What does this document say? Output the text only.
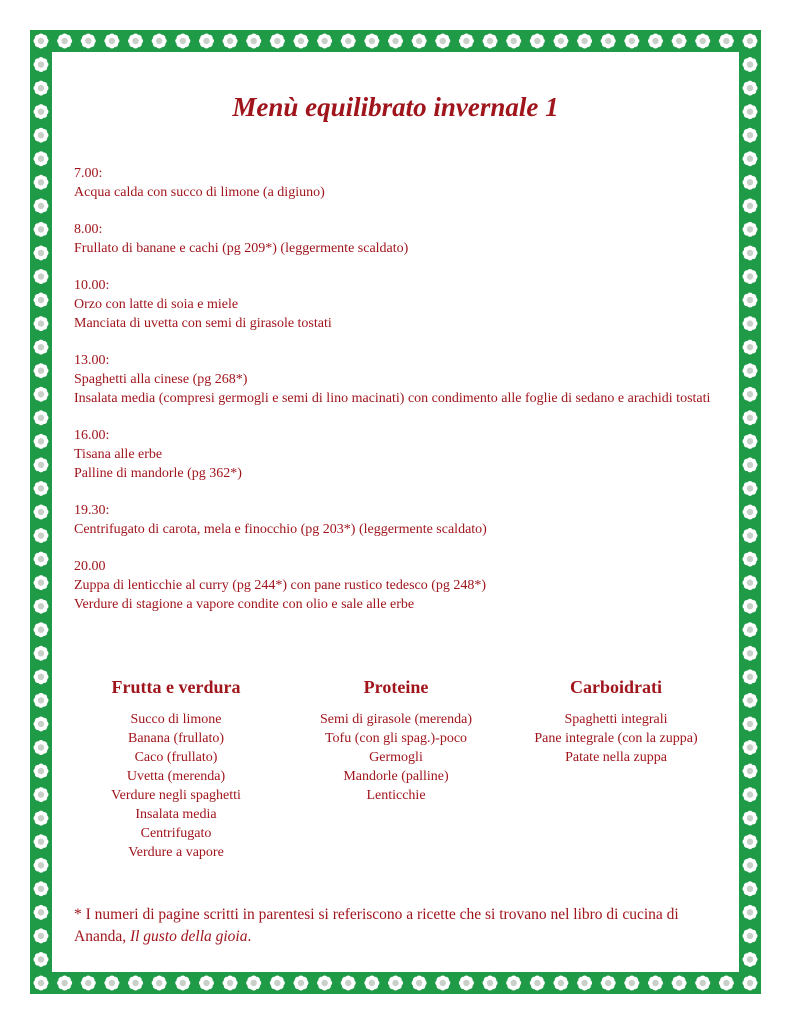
Menù equilibrato invernale 1
7.00:
Acqua calda con succo di limone (a digiuno)
8.00:
Frullato di banane e cachi (pg 209*) (leggermente scaldato)
10.00:
Orzo con latte di soia e miele
Manciata di uvetta con semi di girasole tostati
13.00:
Spaghetti alla cinese (pg 268*)
Insalata media (compresi germogli e semi di lino macinati) con condimento alle foglie di sedano e arachidi tostati
16.00:
Tisana alle erbe
Palline di mandorle (pg 362*)
19.30:
Centrifugato di carota, mela e finocchio (pg 203*) (leggermente scaldato)
20.00
Zuppa di lenticchie al curry (pg 244*) con pane rustico tedesco (pg 248*)
Verdure di stagione a vapore condite con olio e sale alle erbe
Frutta e verdura
Succo di limone
Banana (frullato)
Caco (frullato)
Uvetta (merenda)
Verdure negli spaghetti
Insalata media
Centrifugato
Verdure a vapore
Proteine
Semi di girasole (merenda)
Tofu (con gli spag.)-poco
Germogli
Mandorle (palline)
Lenticchie
Carboidrati
Spaghetti integrali
Pane integrale (con la zuppa)
Patate nella zuppa

* I numeri di pagine scritti in parentesi si referiscono a ricette che si trovano nel libro di cucina di Ananda, Il gusto della gioia.
